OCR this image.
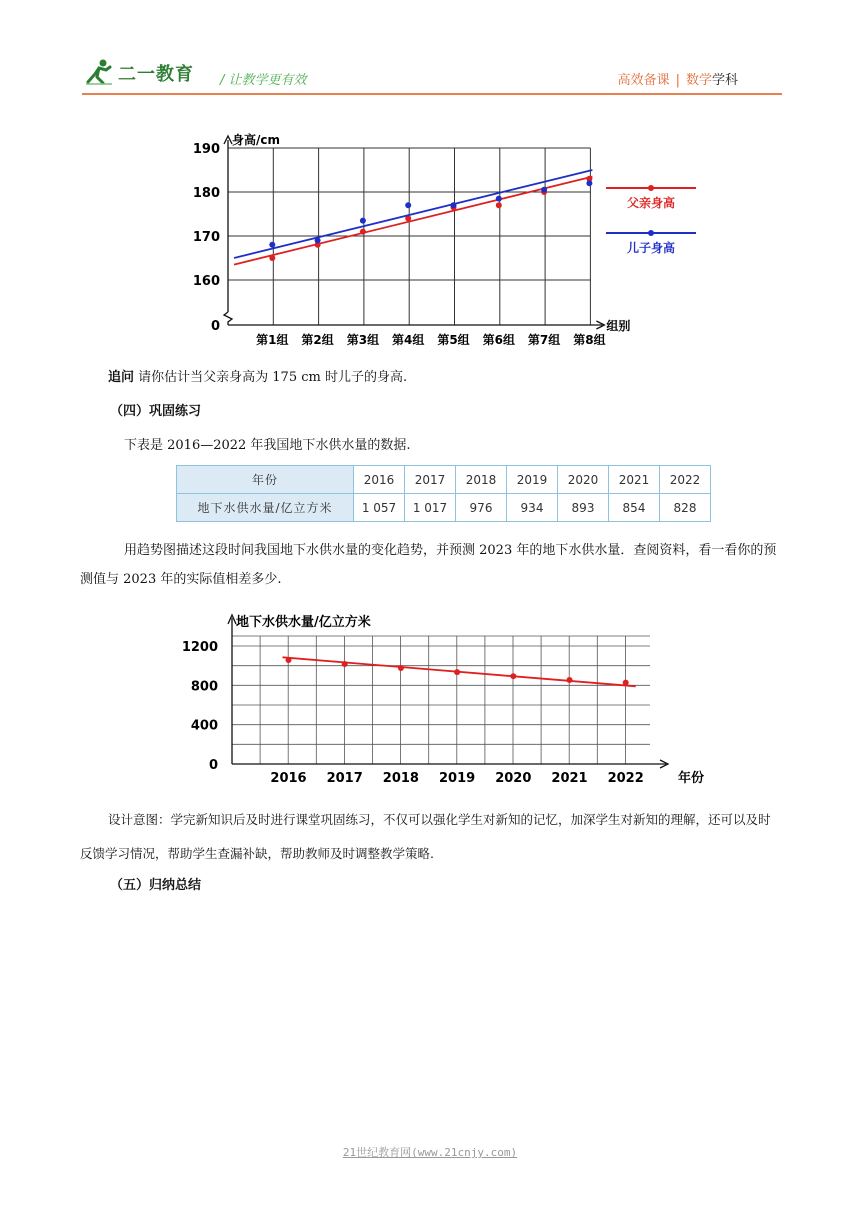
二一教育 / 让教学更有效	高效备课 | 数学学科
身高/cm
组别
0
160
170
180
190
第1组 第2组 第3组 第4组 第5组 第6组 第7组 第8组
父亲身高
儿子身高
追问 请你估计当父亲身高为 175 cm 时儿子的身高.
（四）巩固练习
下表是 2016—2022 年我国地下水供水量的数据.
年份	2016	2017	2018	2019	2020	2021	2022
地下水供水量/亿立方米	1 057	1 017	976	934	893	854	828
用趋势图描述这段时间我国地下水供水量的变化趋势，并预测 2023 年的地下水供水量．查阅资料，看一看你的预测值与 2023 年的实际值相差多少.
地下水供水量/亿立方米
年份
0
400
800
1200
2016 2017 2018 2019 2020 2021 2022
设计意图：学完新知识后及时进行课堂巩固练习，不仅可以强化学生对新知的记忆，加深学生对新知的理解，还可以及时反馈学习情况，帮助学生查漏补缺，帮助教师及时调整教学策略.
（五）归纳总结
21世纪教育网(www.21cnjy.com)
